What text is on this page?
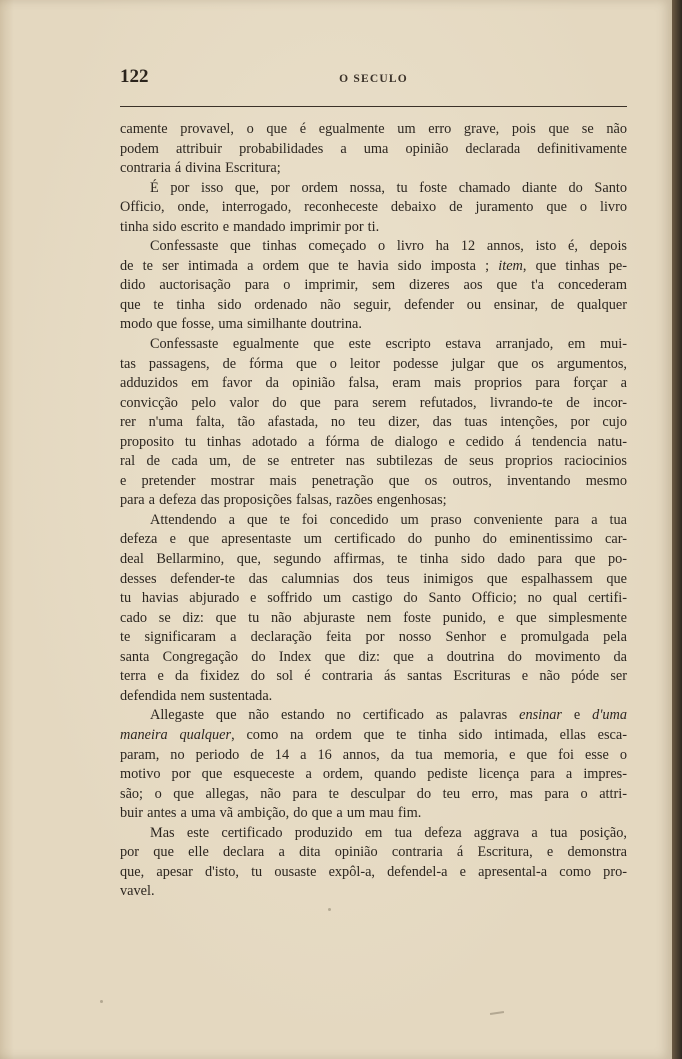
122	O SECULO
camente provavel, o que é egualmente um erro grave, pois que se não
podem attribuir probabilidades a uma opinião declarada definitivamente
contraria á divina Escritura;
É por isso que, por ordem nossa, tu foste chamado diante do Santo
Officio, onde, interrogado, reconheceste debaixo de juramento que o livro
tinha sido escrito e mandado imprimir por ti.
Confessaste que tinhas começado o livro ha 12 annos, isto é, depois
de te ser intimada a ordem que te havia sido imposta ; item, que tinhas pe-
dido auctorisação para o imprimir, sem dizeres aos que t'a concederam
que te tinha sido ordenado não seguir, defender ou ensinar, de qualquer
modo que fosse, uma similhante doutrina.
Confessaste egualmente que este escripto estava arranjado, em mui-
tas passagens, de fórma que o leitor podesse julgar que os argumentos,
adduzidos em favor da opinião falsa, eram mais proprios para forçar a
convicção pelo valor do que para serem refutados, livrando-te de incor-
rer n'uma falta, tão afastada, no teu dizer, das tuas intenções, por cujo
proposito tu tinhas adotado a fórma de dialogo e cedido á tendencia natu-
ral de cada um, de se entreter nas subtilezas de seus proprios raciocinios
e pretender mostrar mais penetração que os outros, inventando mesmo
para a defeza das proposições falsas, razões engenhosas;
Attendendo a que te foi concedido um praso conveniente para a tua
defeza e que apresentaste um certificado do punho do eminentissimo car-
deal Bellarmino, que, segundo affirmas, te tinha sido dado para que po-
desses defender-te das calumnias dos teus inimigos que espalhassem que
tu havias abjurado e soffrido um castigo do Santo Officio; no qual certifi-
cado se diz: que tu não abjuraste nem foste punido, e que simplesmente
te significaram a declaração feita por nosso Senhor e promulgada pela
santa Congregação do Index que diz: que a doutrina do movimento da
terra e da fixidez do sol é contraria ás santas Escrituras e não póde ser
defendida nem sustentada.
Allegaste que não estando no certificado as palavras ensinar e d'uma
maneira qualquer, como na ordem que te tinha sido intimada, ellas esca-
param, no periodo de 14 a 16 annos, da tua memoria, e que foi esse o
motivo por que esqueceste a ordem, quando pediste licença para a impres-
são; o que allegas, não para te desculpar do teu erro, mas para o attri-
buir antes a uma vã ambição, do que a um mau fim.
Mas este certificado produzido em tua defeza aggrava a tua posição,
por que elle declara a dita opinião contraria á Escritura, e demonstra
que, apesar d'isto, tu ousaste expôl-a, defendel-a e apresental-a como pro-
vavel.
